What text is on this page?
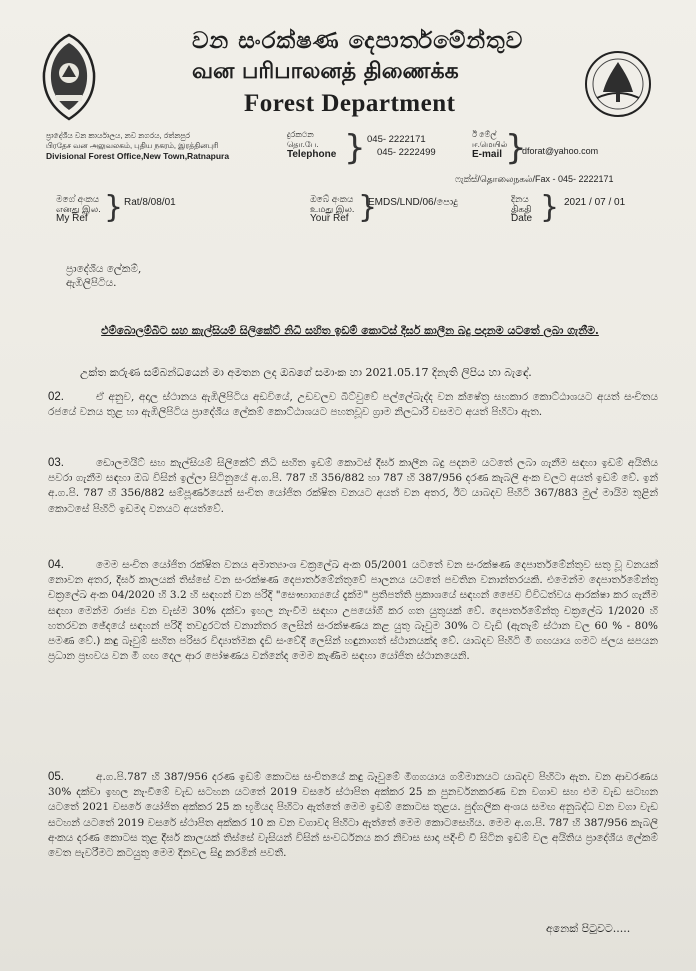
වන සංරක්ෂණ දෙපාර්තමේන්තුව
வன பரிபாலனத் திணைக்க
Forest Department
ප්‍රාදේශීය වන කාර්යාලය, නව නගරය, රත්නපුර
பிரதேச வன அலுவலகம், புதிய நகரம், இரத்தினபுரி
Divisional Forest Office,New Town,Ratnapura
දුරකථන
தொ.பே.
Telephone } 045- 2222171
045- 2222499
ඊ මේල්
ஈ.மெயில்
E-mail }
dforat@yahoo.com
ෆැක්ස්/தொலைநகல்/Fax - 045- 2222171
මගේ අංකය
எனது இல.
My Ref } Rat/8/08/01	ඔබේ අංකය
உமது இல.
Your Ref }
EMDS/LND/06/පොදු	දිනය
திகதி
Date } 2021 / 07 / 01
ප්‍රාදේශීය ලේකම්,
ඇඹිලිපිටිය.
එම්බොලම්බිට සහ කැල්සියම් සිලිකේට් නිධි සහිත ඉඩම් කොටස් දීර්ඝ කාලීන බදු පදනම යටතේ ලබා ගැනීම.
උක්ත කරුණ සම්බන්ධයෙන් මා අමතන ලද ඔබගේ සමාංක හා 2021.05.17 දිනැති ලිපිය හා බැඳේ.
02.	ඒ අනුව, අදාල ස්ථානය ඇඹිලිපිටිය අඩවියේ, උඩවලව බීට්වුවේ පල්ලේබැද්ද වන ක්ෂේත්‍ර සහකාර කොට්ඨාශයට අයත් සංචිතය රජයේ වනය තුළ හා ඇඹිලිපිටිය ප්‍රාදේශීය ලේකම් කොට්ඨාශයට පහතවූව ග්‍රාම නිලධාරී වසමට අයත් පිහිටා ඇත.
03.	ඩොලමයිට් සහ කැල්සියම් සිලිකේට් නිධි සහිත ඉඩම් කොටස් දීර්ඝ කාලීන බදු පදනම යටතේ ලබා ගැනීම සඳහා ඉඩම් අයිතිය පවරා ගැනීම සඳහා ඔබ විසින් ඉල්ලා සිටිනුයේ අ.ග.පි. 787 හි 356/882 හා 787 හි 387/956 දරණ කැබලි අංක වලට අයත් ඉඩම් වේ. ඉන් අ.ග.පි. 787 හි 356/882 සම්පූර්ණයෙන් සංචිත යෝජිත රක්ෂිත වනයට අයත් වන අතර, ඊට යාබදව පිහිටි 367/883 මුල් මායිම තුළින් කොටසේ පිහිටි ඉඩමද වනයට අයත්වේ.
04.	මෙම සංචිත යෝජිත රක්ෂිත වනය අමාත්‍යාංශ චක්‍රලේඛ අංක 05/2001 යටතේ වන සංරක්ෂණ දෙපාර්තමේන්තුව සතු වූ වනයක් නොවන අතර, දීර්ඝ කාලයක් තිස්සේ වන සංරක්ෂණ දෙපාර්තමේන්තුවේ පාලනය යටතේ පවතින වනාන්තරයකි. එමෙන්ම දෙපාර්තමේන්තු චක්‍රලේඛ අංක 04/2020 හි 3.2 හි සඳහන් වන පරිදි "සෞභාග්‍යයේ දැක්ම" ප්‍රතිපත්ති ප්‍රකාශයේ සඳහන් ජෛව විවිධත්වය ආරක්ෂා කර ගැනීම සඳහා මෙන්ම රාජ්‍ය වන වැස්ම 30% දක්වා ඉහල නැංවීම සඳහා උපයෝගී කර ගත යුතුයක් වේ. දෙපාර්තමේන්තු චක්‍රලේඛ 1/2020 හි හතරවන ඡේදයේ සඳහන් පරිදි තවදුරටත් වනාන්තර ලෙසින් සංරක්ෂණය කළ යුතු බෑවුම 30% ට වැඩි (ඇතැම් ස්ථාන වල 60 % - 80% පමණ වේ.) කඳු බෑවුම් සහිත පරිසර විද්‍යාත්මක දැඩි සංවේදී ලෙසින් හඳුනාගත් ස්ථානයක්ද වේ. යාබදව පිහිටි මී ගඟයාය ගමට ජලය සපයන ප්‍රධාන ප්‍රභවය වන මී ගඟ දෙල ආර පෝෂණය වන්නේද මෙම කැණීම සඳහා යෝජිත ස්ථානයෙනි.
05.	අ.ග.පි.787 හි 387/956 දරණ ඉඩම් කොටස සංචිතයේ කඳු බෑවුමේ මීගගයාය ගම්මානයට යාබදව පිහිටා ඇත. වන ආවරණය 30% දක්වා ඉහල නැංවීමේ වැඩ සටහන යටතේ 2019 වසරේ ස්ථාපිත අක්කර 25 ක පුනර්වනකරණ වන වගාව සහ එම වැඩ සටහන යටතේ 2021 වසරේ යෝජිත අක්කර 25 ක භූමියද පිහිටා ඇත්තේ මෙම ඉඩම් කොටස තුළය. පුද්ගලික අංශය සමඟ අනුබද්ධ වන වගා වැඩ සටහන් යටතේ 2019 වසරේ ස්ථාපිත අක්කර 10 ක වන වගාවද පිහිටා ඇත්තේ මෙම කොටසෙහිය. මෙම අ.ග.පි. 787 හි 387/956 කැබලි අංකය දරණ කොටස තුළ දීර්ඝ කාලයක් තිස්සේ වැසියන් විසින් සංවර්ධනය කර නිවාස සාදා පදිංචි වී සිටින ඉඩම් වල අයිතිය ප්‍රාදේශීය ලේකම් වෙත පැවරීමට කටයුතු මෙම දිනවල සිදු කරමින් පවතී.
අනෙක් පිටුවට.....
